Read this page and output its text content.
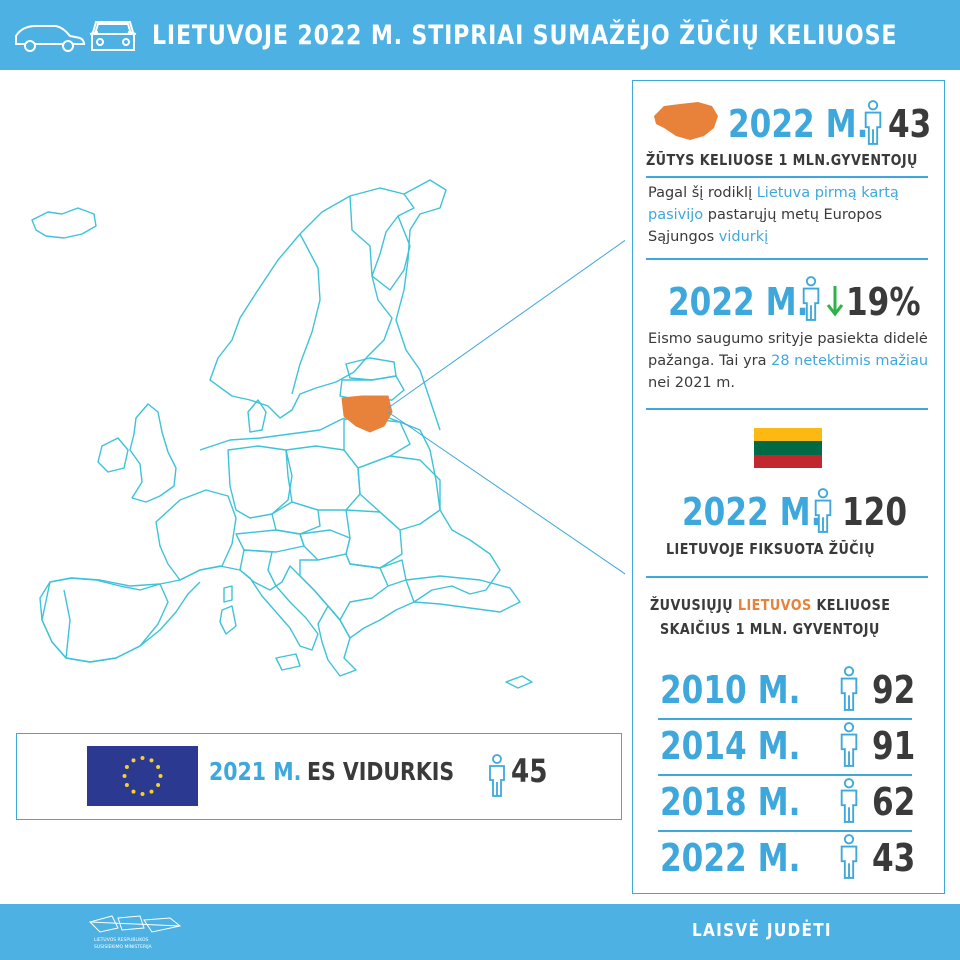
LIETUVOJE 2022 M. STIPRIAI SUMAŽĖJO ŽŪČIŲ KELIUOSE
2021 M. ES VIDURKIS 45
2022 M. 43
ŽŪTYS KELIUOSE 1 MLN.GYVENTOJŲ
Pagal šį rodiklį Lietuva pirmą kartą pasivijo pastarųjų metų Europos Sąjungos vidurkį
2022 M. 19%
Eismo saugumo srityje pasiekta didelė pažanga. Tai yra 28 netektimis mažiau nei 2021 m.
2022 M. 120
LIETUVOJE FIKSUOTA ŽŪČIŲ
ŽUVUSIŲJŲ LIETUVOS KELIUOSE
SKAIČIUS 1 MLN. GYVENTOJŲ
2010 M. 92
2014 M. 91
2018 M. 62
2022 M. 43
LIETUVOS RESPUBLIKOS
SUSISIEKIMO MINISTERIJA
LAISVĖ JUDĖTI
